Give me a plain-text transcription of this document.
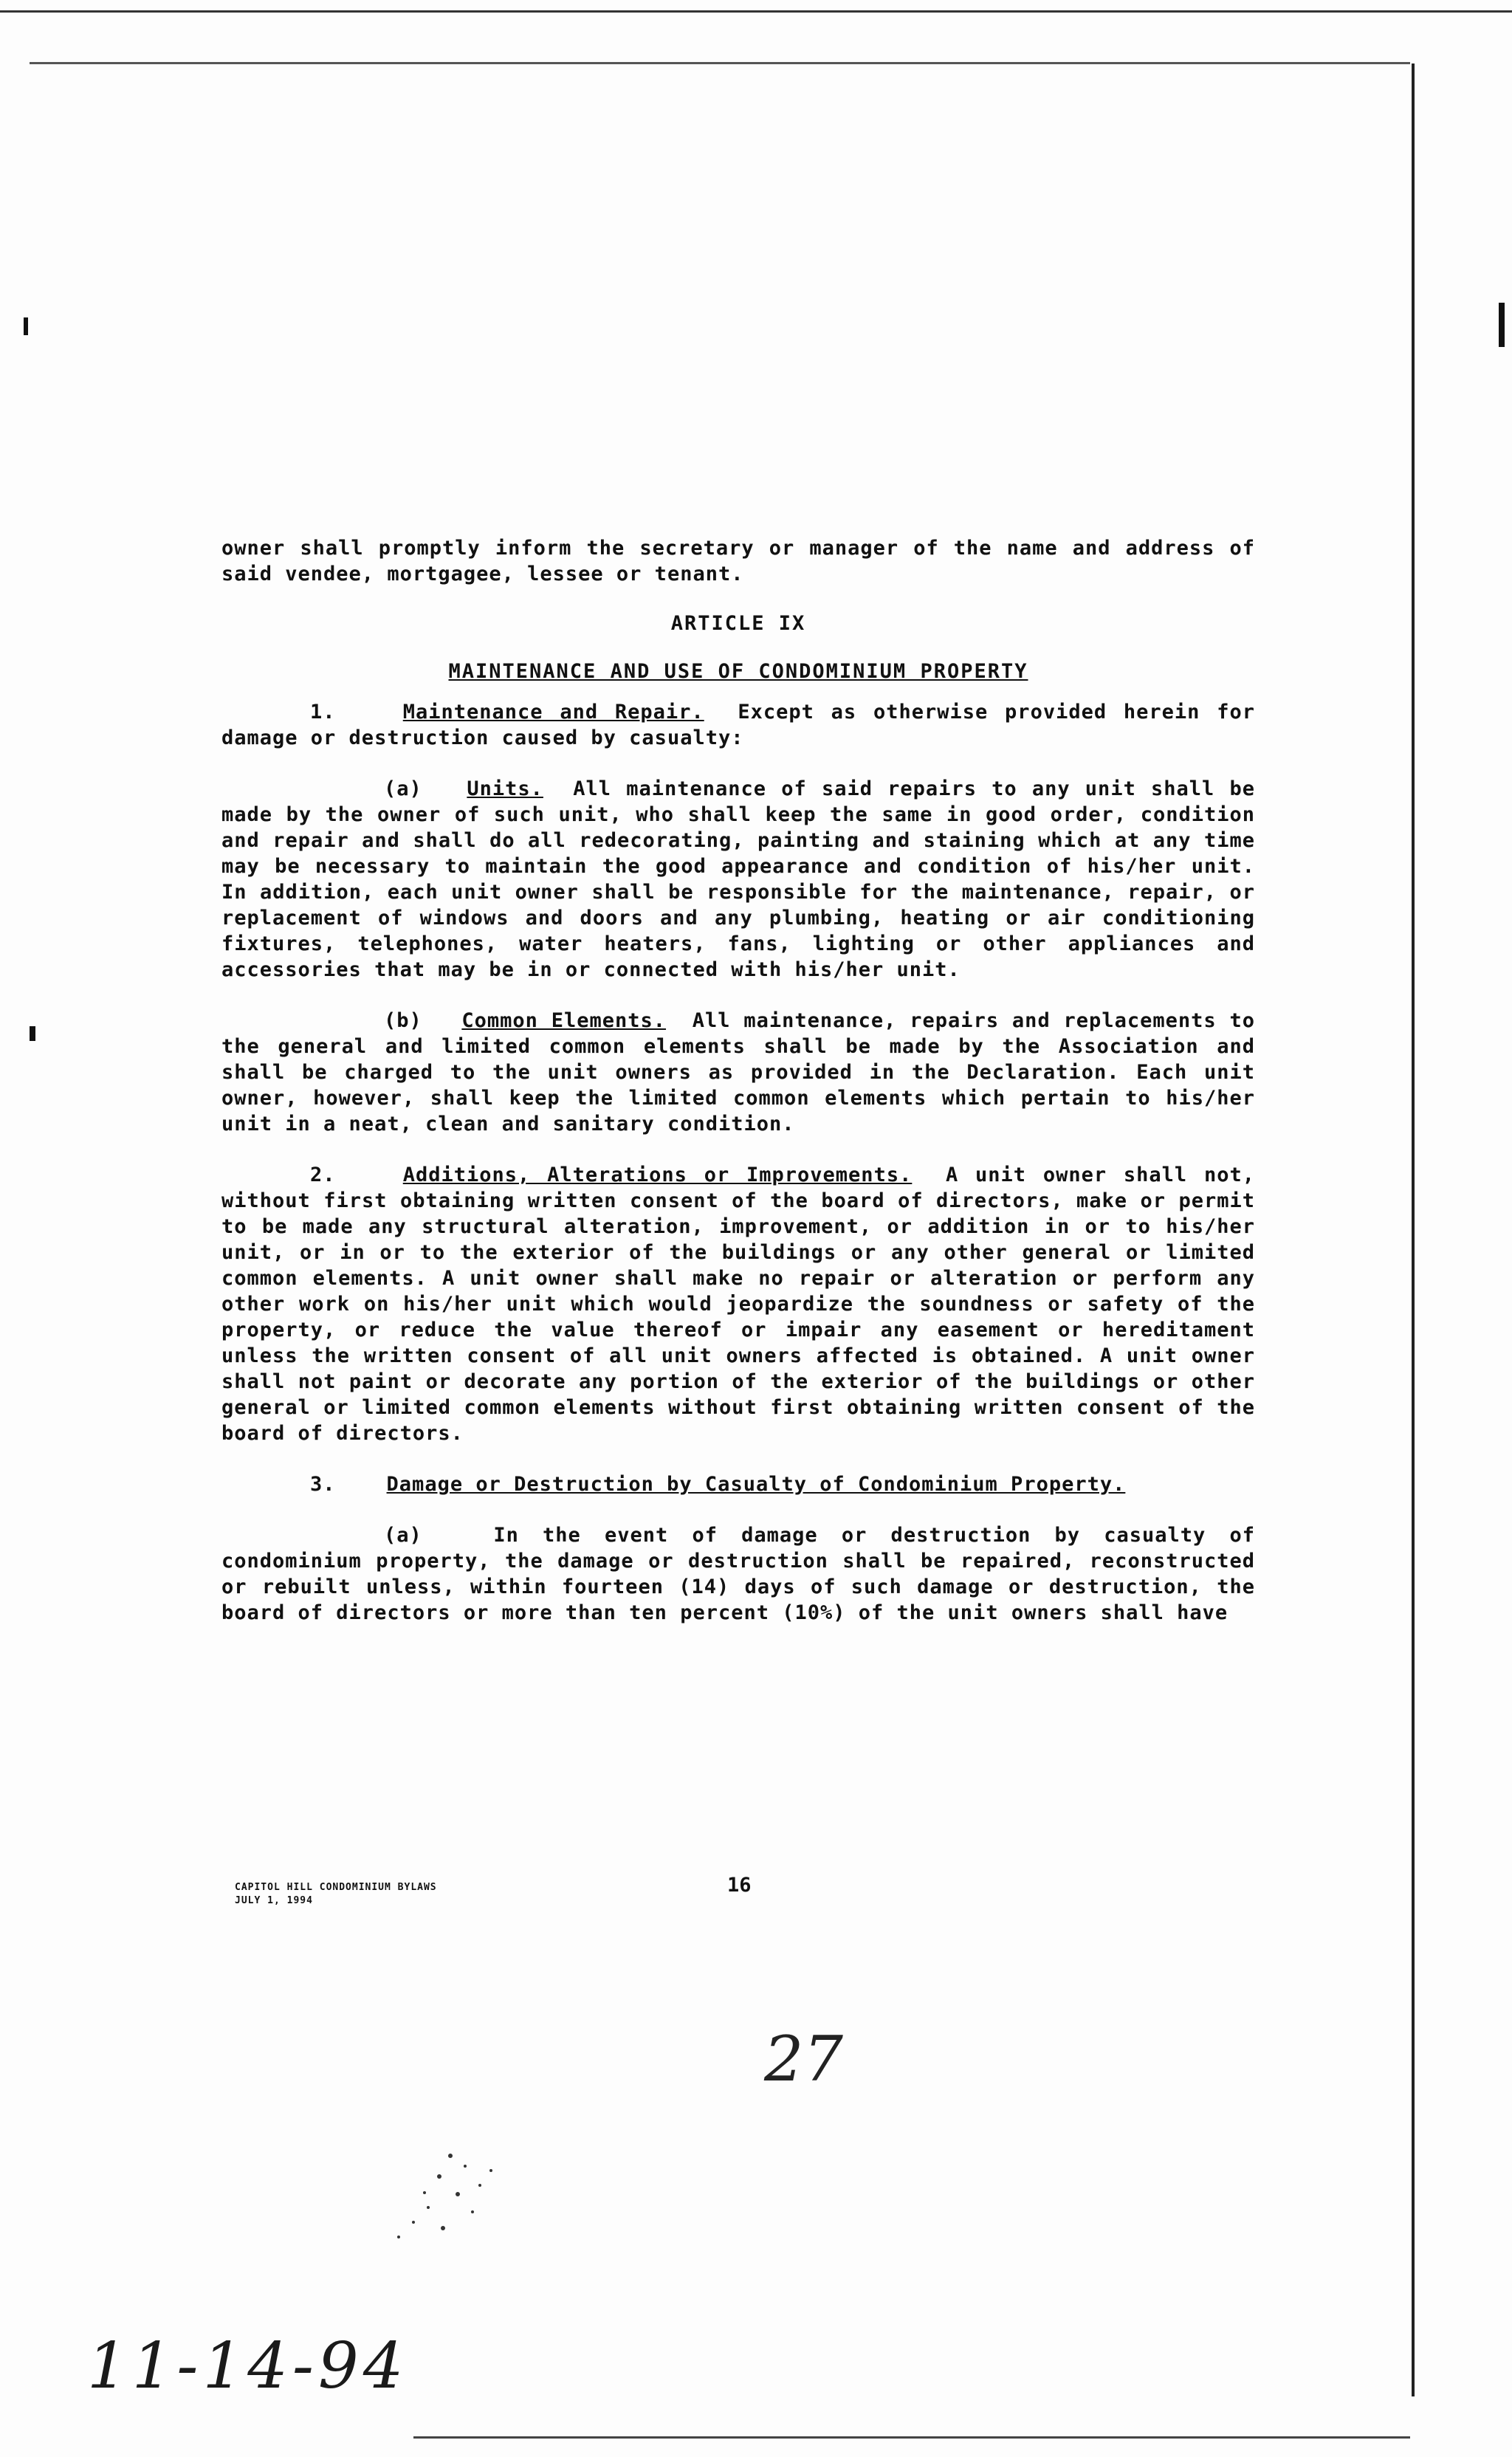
owner shall promptly inform the secretary or manager of the name and address of said vendee, mortgagee, lessee or tenant.

ARTICLE IX
MAINTENANCE AND USE OF CONDOMINIUM PROPERTY

1.	Maintenance and Repair. Except as otherwise provided herein for damage or destruction caused by casualty:

(a) Units. All maintenance of said repairs to any unit shall be made by the owner of such unit, who shall keep the same in good order, condition and repair and shall do all redecorating, painting and staining which at any time may be necessary to maintain the good appearance and condition of his/her unit. In addition, each unit owner shall be responsible for the maintenance, repair, or replacement of windows and doors and any plumbing, heating or air conditioning fixtures, telephones, water heaters, fans, lighting or other appliances and accessories that may be in or connected with his/her unit.

(b) Common Elements. All maintenance, repairs and replacements to the general and limited common elements shall be made by the Association and shall be charged to the unit owners as provided in the Declaration. Each unit owner, however, shall keep the limited common elements which pertain to his/her unit in a neat, clean and sanitary condition.

2.	Additions, Alterations or Improvements. A unit owner shall not, without first obtaining written consent of the board of directors, make or permit to be made any structural alteration, improvement, or addition in or to his/her unit, or in or to the exterior of the buildings or any other general or limited common elements. A unit owner shall make no repair or alteration or perform any other work on his/her unit which would jeopardize the soundness or safety of the property, or reduce the value thereof or impair any easement or hereditament unless the written consent of all unit owners affected is obtained. A unit owner shall not paint or decorate any portion of the exterior of the buildings or other general or limited common elements without first obtaining written consent of the board of directors.

3.	Damage or Destruction by Casualty of Condominium Property.

(a)	In the event of damage or destruction by casualty of condominium property, the damage or destruction shall be repaired, reconstructed or rebuilt unless, within fourteen (14) days of such damage or destruction, the board of directors or more than ten percent (10%) of the unit owners shall have

CAPITOL HILL CONDOMINIUM BYLAWS
JULY 1, 1994
16
27
11-14-94
